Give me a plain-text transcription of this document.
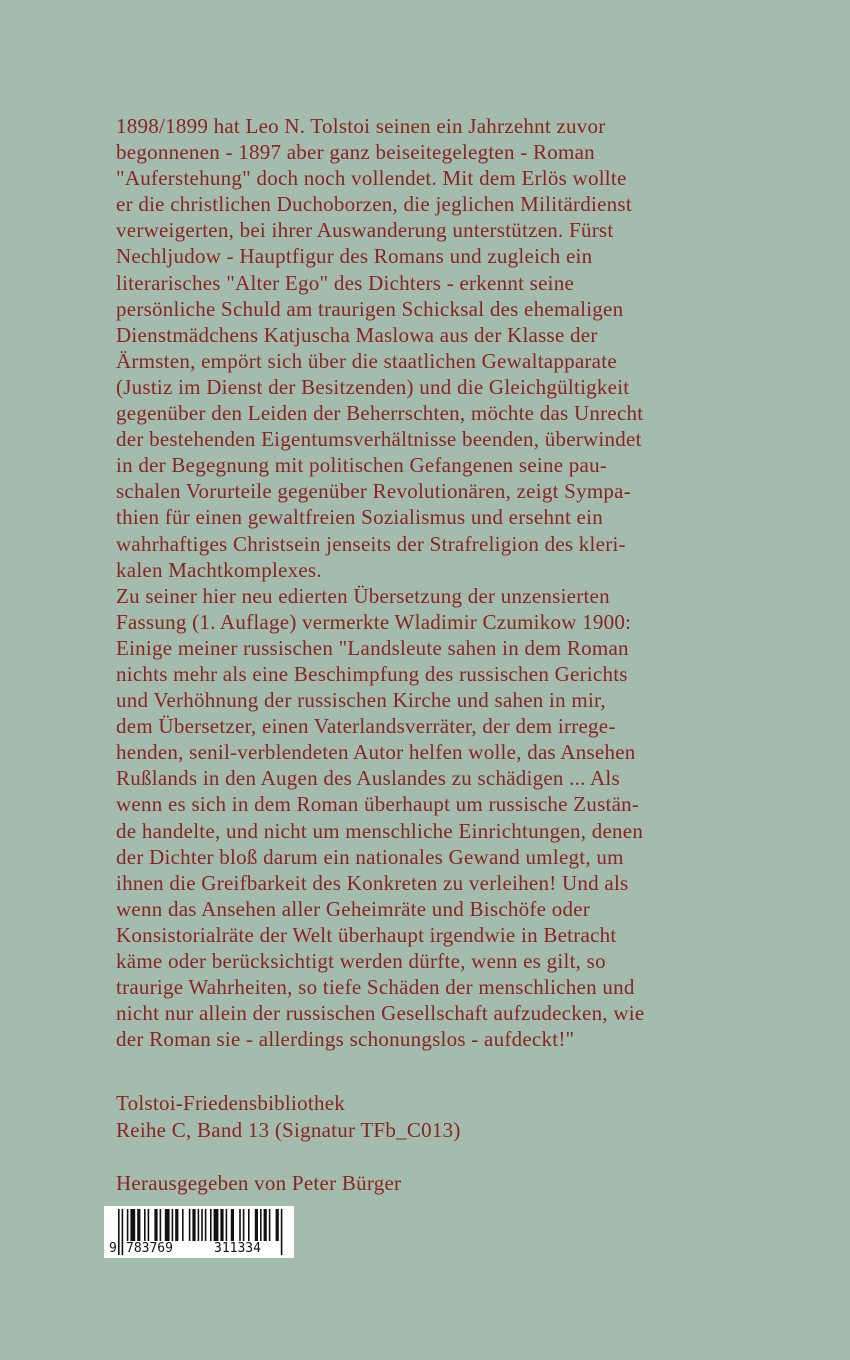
1898/1899 hat Leo N. Tolstoi seinen ein Jahrzehnt zuvor
begonnenen - 1897 aber ganz beiseitegelegten - Roman
"Auferstehung" doch noch vollendet. Mit dem Erlös wollte
er die christlichen Duchoborzen, die jeglichen Militärdienst
verweigerten, bei ihrer Auswanderung unterstützen. Fürst
Nechljudow - Hauptfigur des Romans und zugleich ein
literarisches "Alter Ego" des Dichters - erkennt seine
persönliche Schuld am traurigen Schicksal des ehemaligen
Dienstmädchens Katjuscha Maslowa aus der Klasse der
Ärmsten, empört sich über die staatlichen Gewaltapparate
(Justiz im Dienst der Besitzenden) und die Gleichgültigkeit
gegenüber den Leiden der Beherrschten, möchte das Unrecht
der bestehenden Eigentumsverhältnisse beenden, überwindet
in der Begegnung mit politischen Gefangenen seine pau-
schalen Vorurteile gegenüber Revolutionären, zeigt Sympa-
thien für einen gewaltfreien Sozialismus und ersehnt ein
wahrhaftiges Christsein jenseits der Strafreligion des kleri-
kalen Machtkomplexes.
Zu seiner hier neu edierten Übersetzung der unzensierten
Fassung (1. Auflage) vermerkte Wladimir Czumikow 1900:
Einige meiner russischen "Landsleute sahen in dem Roman
nichts mehr als eine Beschimpfung des russischen Gerichts
und Verhöhnung der russischen Kirche und sahen in mir,
dem Übersetzer, einen Vaterlandsverräter, der dem irrege-
henden, senil-verblendeten Autor helfen wolle, das Ansehen
Rußlands in den Augen des Auslandes zu schädigen ... Als
wenn es sich in dem Roman überhaupt um russische Zustän-
de handelte, und nicht um menschliche Einrichtungen, denen
der Dichter bloß darum ein nationales Gewand umlegt, um
ihnen die Greifbarkeit des Konkreten zu verleihen! Und als
wenn das Ansehen aller Geheimräte und Bischöfe oder
Konsistorialräte der Welt überhaupt irgendwie in Betracht
käme oder berücksichtigt werden dürfte, wenn es gilt, so
traurige Wahrheiten, so tiefe Schäden der menschlichen und
nicht nur allein der russischen Gesellschaft aufzudecken, wie
der Roman sie - allerdings schonungslos - aufdeckt!"
Tolstoi-Friedensbibliothek
Reihe C, Band 13 (Signatur TFb_C013)
Herausgegeben von Peter Bürger
9 783769	311334
